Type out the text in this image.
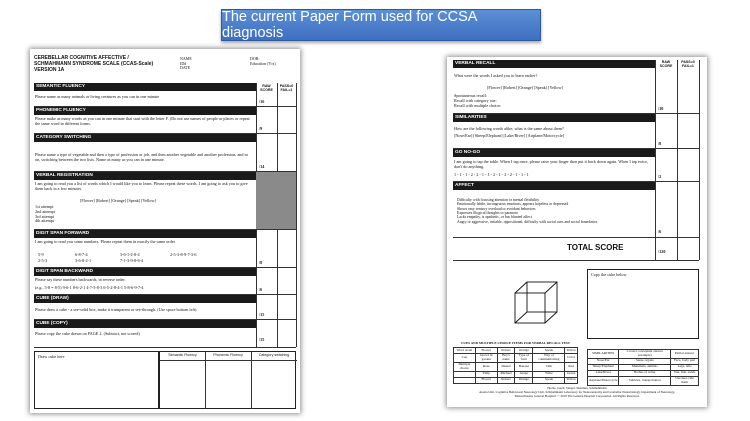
The current Paper Form used for CCSA diagnosis
CEREBELLAR COGNITIVE AFFECTIVE /
SCHMAHMANN SYNDROME SCALE (CCAS-Scale)
VERSION 1A
NAME
ID#
DATE
DOB:
Education (Yrs)
RAW SCORE
PASS=0 FAIL=1
SEMANTIC FLUENCY
Please name as many animals or living creatures as you can in one minute
/16
PHONEMIC FLUENCY
Please make as many words as you can in one minute that start with the letter F. (Do not use names of people or places or repeat the same word in different forms.
/9
CATEGORY SWITCHING
Please name a type of vegetable and then a type of profession or job, and then another vegetable and another profession, and so on, switching between the two lists. Name as many as you can in one minute.
/14
VERBAL REGISTRATION
I am going to read you a list of words which I would like you to learn. Please repeat these words. I am going to ask you to give them back in a few minutes.
[Flower] [Robert] [Orange] [Speak] [Yellow]
1st attempt
2nd attempt
3rd attempt
4th attempt
DIGIT SPAN FORWARD
I am going to read you some numbers. Please repeat them in exactly the same order
5-9	6-8-7-4	3-6-1-2-8-4	2-5-3-8-9-7-3-6
2-5-3	3-6-8-2-1	7-1-3-9-8-6-4	/8
DIGIT SPAN BACKWARD
Please say these numbers backwards, in reverse order.
(e.g., 5-8 = 8-5) 9-6-1 8-6-2-1 4-7-5-8-3 6-5-2-8-4-1 5-8-6-9-7-4	/6
CUBE (DRAW)
Please draw a cube - a see-solid box, make it transparent or see-through. (Use space bottom left)
/15
CUBE (COPY)
Please copy the cube drawn on PAGE 2. (Subtract, not scored)
/15
Draw cube here	Semantic Fluency	Phonemic Fluency	Category switching
RAW SCORE
PASS=0 FAIL=1
VERBAL RECALL
What were the words I asked you to learn earlier?
[Flower] [Robert] [Orange] [Speak] [Yellow]
Spontaneous recall:
Recall with category cue:
Recall with multiple choice:
/10
SIMILARITIES
How are the following words alike; what is the same about them?
[Nose/Ear] [Sheep/Elephant] [Lake/River] [Airplane/Motorcycle]
/8
GO NO-GO
I am going to tap the table. When I tap once, please raise your finger then put it back down again. When I tap twice, don't do anything.
1 - 1 - 1 - 2 - 2 - 1 - 1 - 2 - 1 - 2 - 2 - 1 - 1 - 1	/2
AFFECT
Difficulty with focusing attention or mental flexibility
Emotionally labile, incongruous emotions, appears hopeless or depressed
Shows easy sensory overload or avoidant behaviors
Expresses illogical thoughts or paranoia
Lacks empathy, is apathetic, or has blunted affect
Angry or aggressive, irritable, oppositional, difficulty with social cues and social boundaries
/6
TOTAL SCORE	/120
Copy the cube below
CUES AND MULTIPLE CHOICE ITEMS FOR VERBAL RECALL TEST
Word recall	Flower	Robert	Orange	Speak	Yellow
Cue	Grows in garden	Boy's name	Type of fruit	Way of communicating	Color
Multiple choice	Rose	Daniel	Banana	Talk	Red
	Tulip	Michael	Grape	Write	Green
	Flower	Robert	Orange	Speak	Yellow
SIMILARITIES	Correct conceptual answer (example)	Partial answer
Nose/Ear	Sense organs	Face, body part
Sheep/Elephant	Mammals, animals	Legs, tails
Lake/River	Bodies of water	Wet, fish, swim
Airplane/Motorcycle	Vehicles, transportation	Use fuel, ride them
Hoche, Guell, Vangel, Sherman, Schmahmann
Ataxia Unit, Cognitive Behavioral Neurology Unit, Schmahmann Laboratory for Neuroanatomy and Cerebellar Neurobiology, Department of Neurology,
Massachusetts General Hospital. © 2018 The General Hospital Corporation. All Rights Reserved.
